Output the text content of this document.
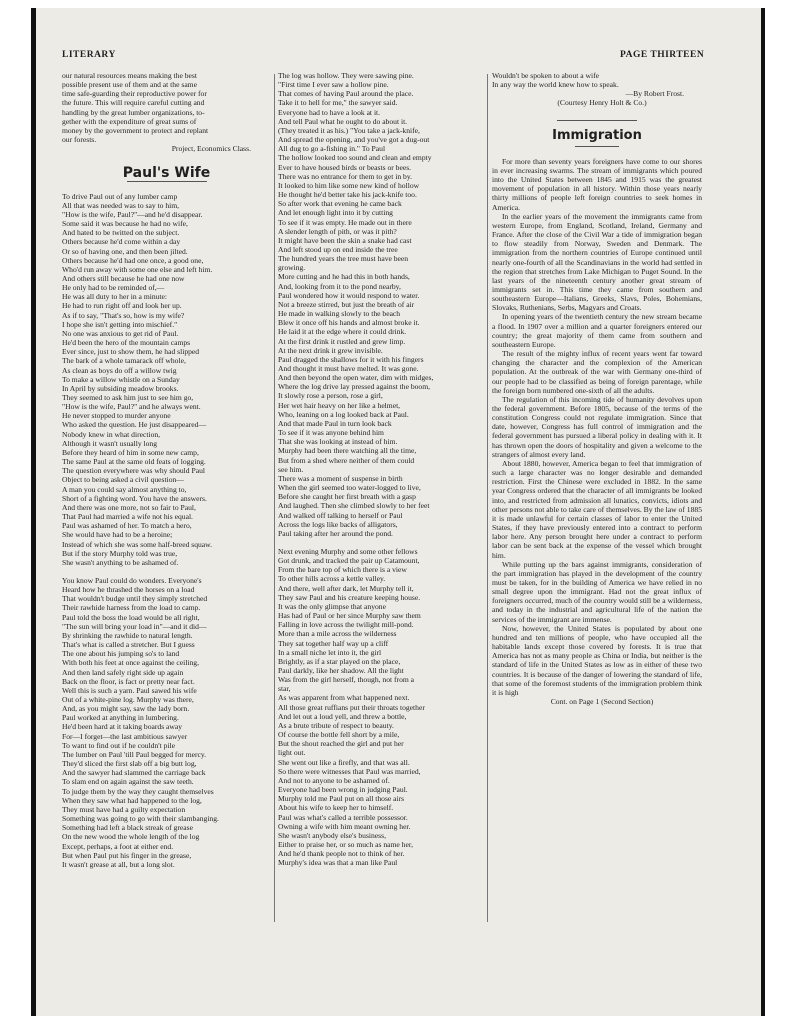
LITERARY	PAGE THIRTEEN

our natural resources means making the best

possible present use of them and at the same

time safe-guarding their reproductive power for

the future. This will require careful cutting and

handling by the great lumber organizations, to-

gether with the expenditure of great sums of

money by the government to protect and replant

our forests.

Project, Economics Class.

Paul's Wife

To drive Paul out of any lumber camp

All that was needed was to say to him,

"How is the wife, Paul?"—and he'd disappear.

Some said it was because he had no wife,

And hated to be twitted on the subject.

Others because he'd come within a day

Or so of having one, and then been jilted.

Others because he'd had one once, a good one,

Who'd run away with some one else and left him.

And others still because he had one now

He only had to be reminded of,—

He was all duty to her in a minute:

He had to run right off and look her up.

As if to say, "That's so, how is my wife?

I hope she isn't getting into mischief."

No one was anxious to get rid of Paul.

He'd been the hero of the mountain camps

Ever since, just to show them, he had slipped

The bark of a whole tamarack off whole,

As clean as boys do off a willow twig

To make a willow whistle on a Sunday

In April by subsiding meadow brooks.

They seemed to ask him just to see him go,

"How is the wife, Paul?" and he always went.

He never stopped to murder anyone

Who asked the question. He just disappeared—

Nobody knew in what direction,

Although it wasn't usually long

Before they heard of him in some new camp,

The same Paul at the same old feats of logging.

The question everywhere was why should Paul

Object to being asked a civil question—

A man you could say almost anything to,

Short of a fighting word. You have the answers.

And there was one more, not so fair to Paul,

That Paul had married a wife not his equal.

Paul was ashamed of her. To match a hero,

She would have had to be a heroine;

Instead of which she was some half-breed squaw.

But if the story Murphy told was true,

She wasn't anything to be ashamed of.

You know Paul could do wonders. Everyone's

Heard how he thrashed the horses on a load

That wouldn't budge until they simply stretched

Their rawhide harness from the load to camp.

Paul told the boss the load would be all right,

"The sun will bring your load in"—and it did—

By shrinking the rawhide to natural length.

That's what is called a stretcher. But I guess

The one about his jumping so's to land

With both his feet at once against the ceiling,

And then land safely right side up again

Back on the floor, is fact or pretty near fact.

Well this is such a yarn. Paul sawed his wife

Out of a white-pine log. Murphy was there,

And, as you might say, saw the lady born.

Paul worked at anything in lumbering.

He'd been hard at it taking boards away

For—I forget—the last ambitious sawyer

To want to find out if he couldn't pile

The lumber on Paul 'till Paul begged for mercy.

They'd sliced the first slab off a big butt log,

And the sawyer had slammed the carriage back

To slam end on again against the saw teeth.

To judge them by the way they caught themselves

When they saw what had happened to the log,

They must have had a guilty expectation

Something was going to go with their slambanging.

Something had left a black streak of grease

On the new wood the whole length of the log

Except, perhaps, a foot at either end.

But when Paul put his finger in the grease,

It wasn't grease at all, but a long slot.

The log was hollow. They were sawing pine.

"First time I ever saw a hollow pine.

That comes of having Paul around the place.

Take it to hell for me," the sawyer said.

Everyone had to have a look at it.

And tell Paul what he ought to do about it.

(They treated it as his.) "You take a jack-knife,

And spread the opening, and you've got a dug-out

All dug to go a-fishing in." To Paul

The hollow looked too sound and clean and empty

Ever to have housed birds or beasts or bees.

There was no entrance for them to get in by.

It looked to him like some new kind of hollow

He thought he'd better take his jack-knife too.

So after work that evening he came back

And let enough light into it by cutting

To see if it was empty. He made out in there

A slender length of pith, or was it pith?

It might have been the skin a snake had cast

And left stood up on end inside the tree

The hundred years the tree must have been

growing.

More cutting and he had this in both hands,

And, looking from it to the pond nearby,

Paul wondered how it would respond to water.

Not a breeze stirred, but just the breath of air

He made in walking slowly to the beach

Blew it once off his hands and almost broke it.

He laid it at the edge where it could drink.

At the first drink it rustled and grew limp.

At the next drink it grew invisible.

Paul dragged the shallows for it with his fingers

And thought it must have melted. It was gone.

And then beyond the open water, dim with midges,

Where the log drive lay pressed against the boom,

It slowly rose a person, rose a girl,

Her wet hair heavy on her like a helmet,

Who, leaning on a log looked back at Paul.

And that made Paul in turn look back

To see if it was anyone behind him

That she was looking at instead of him.

Murphy had been there watching all the time,

But from a shed where neither of them could

see him.

There was a moment of suspense in birth

When the girl seemed too water-logged to live,

Before she caught her first breath with a gasp

And laughed. Then she climbed slowly to her feet

And walked off talking to herself or Paul

Across the logs like backs of alligators,

Paul taking after her around the pond.

Next evening Murphy and some other fellows

Got drunk, and tracked the pair up Catamount,

From the bare top of which there is a view

To other hills across a kettle valley.

And there, well after dark, let Murphy tell it,

They saw Paul and his creature keeping house.

It was the only glimpse that anyone

Has had of Paul or her since Murphy saw them

Falling in love across the twilight mill-pond.

More than a mile across the wilderness

They sat together half way up a cliff

In a small niche let into it, the girl

Brightly, as if a star played on the place,

Paul darkly, like her shadow. All the light

Was from the girl herself, though, not from a

star,

As was apparent from what happened next.

All those great ruffians put their throats together

And let out a loud yell, and threw a bottle,

As a brute tribute of respect to beauty.

Of course the bottle fell short by a mile,

But the shout reached the girl and put her

light out.

She went out like a firefly, and that was all.

So there were witnesses that Paul was married,

And not to anyone to be ashamed of.

Everyone had been wrong in judging Paul.

Murphy told me Paul put on all those airs

About his wife to keep her to himself.

Paul was what's called a terrible possessor.

Owning a wife with him meant owning her.

She wasn't anybody else's business,

Either to praise her, or so much as name her,

And he'd thank people not to think of her.

Murphy's idea was that a man like Paul

Wouldn't be spoken to about a wife

In any way the world knew how to speak.

—By Robert Frost.

(Courtesy Henry Holt & Co.)

Immigration

For more than seventy years foreigners have come to our shores in ever increasing swarms. The stream of immigrants which poured into the United States between 1845 and 1915 was the greatest movement of population in all history. Within those years nearly thirty millions of people left foreign countries to seek homes in America.

In the earlier years of the movement the immigrants came from western Europe, from England, Scotland, Ireland, Germany and France. After the close of the Civil War a tide of immigration began to flow steadily from Norway, Sweden and Denmark. The immigration from the northern countries of Europe continued until nearly one-fourth of all the Scandinavians in the world had settled in the region that stretches from Lake Michigan to Puget Sound. In the last years of the nineteenth century another great stream of immigrants set in. This time they came from southern and southeastern Europe—Italians, Greeks, Slavs, Poles, Bohemians, Slovaks, Ruthenians, Serbs, Magyars and Croats.

In opening years of the twentieth century the new stream became a flood. In 1907 over a million and a quarter foreigners entered our country; the great majority of them came from southern and southeastern Europe.

The result of the mighty influx of recent years went far toward changing the character and the complexion of the American population. At the outbreak of the war with Germany one-third of our people had to be classified as being of foreign parentage, while the foreign born numbered one-sixth of all the adults.

The regulation of this incoming tide of humanity devolves upon the federal government. Before 1805, because of the terms of the constitution Congress could not regulate immigration. Since that date, however, Congress has full control of immigration and the federal government has pursued a liberal policy in dealing with it. It has thrown open the doors of hospitality and given a welcome to the strangers of almost every land.

About 1880, however, America began to feel that immigration of such a large character was no longer desirable and demanded restriction. First the Chinese were excluded in 1882. In the same year Congress ordered that the character of all immigrants be looked into, and restricted from admission all lunatics, convicts, idiots and other persons not able to take care of themselves. By the law of 1885 it is made unlawful for certain classes of labor to enter the United States, if they have previously entered into a contract to perform labor here. Any person brought here under a contract to perform labor can be sent back at the expense of the vessel which brought him.

While putting up the bars against immigrants, consideration of the part immigration has played in the development of the country must be taken, for in the building of America we have relied in no small degree upon the immigrant. Had not the great influx of foreigners occurred, much of the country would still be a wilderness, and today in the industrial and agricultural life of the nation the services of the immigrant are immense.

Now, however, the United States is populated by about one hundred and ten millions of people, who have occupied all the habitable lands except those covered by forests. It is true that America has not as many people as China or India, but neither is the standard of life in the United States as low as in either of these two countries. It is because of the danger of lowering the standard of life, that some of the foremost students of the immigration problem think it is high

Cont. on Page 1 (Second Section)
